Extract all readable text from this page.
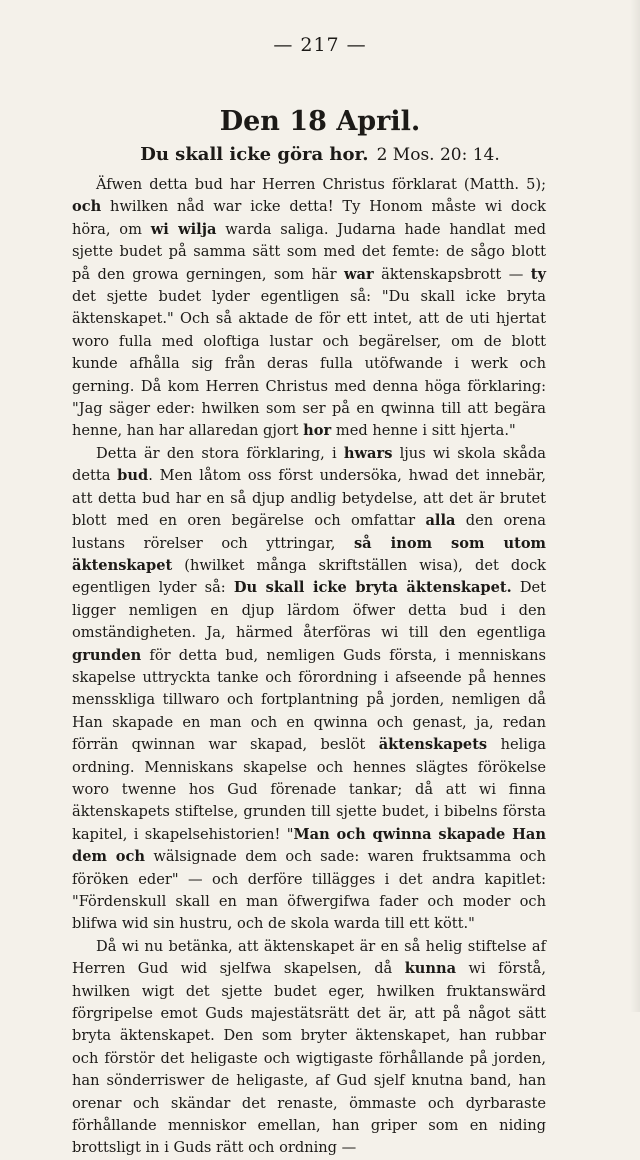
— 217 —
Den 18 April.
Du skall icke göra hor. 2 Mos. 20: 14.

Äfwen detta bud har Herren Christus förklarat (Matth. 5); och hwilken nåd war icke detta! Ty Honom måste wi dock höra, om wi wilja warda saliga. Judarna hade handlat med sjette budet på samma sätt som med det femte: de sågo blott på den growa gerningen, som här war äktenskapsbrott — ty det sjette budet lyder egentligen så: "Du skall icke bryta äktenskapet." Och så aktade de för ett intet, att de uti hjertat woro fulla med oloftiga lustar och begärelser, om de blott kunde afhålla sig från deras fulla utöfwande i werk och gerning. Då kom Herren Christus med denna höga förklaring: "Jag säger eder: hwilken som ser på en qwinna till att begära henne, han har allaredan gjort hor med henne i sitt hjerta."

Detta är den stora förklaring, i hwars ljus wi skola skåda detta bud. Men låtom oss först undersöka, hwad det innebär, att detta bud har en så djup andlig betydelse, att det är brutet blott med en oren begärelse och omfattar alla den orena lustans rörelser och yttringar, så inom som utom äktenskapet (hwilket många skriftställen wisa), det dock egentligen lyder så: Du skall icke bryta äktenskapet. Det ligger nemligen en djup lärdom öfwer detta bud i den omständigheten. Ja, härmed återföras wi till den egentliga grunden för detta bud, nemligen Guds första, i menniskans skapelse uttryckta tanke och förordning i afseende på hennes mensskliga tillwaro och fortplantning på jorden, nemligen då Han skapade en man och en qwinna och genast, ja, redan förrän qwinnan war skapad, beslöt äktenskapets heliga ordning. Menniskans skapelse och hennes slägtes förökelse woro twenne hos Gud förenade tankar; då att wi finna äktenskapets stiftelse, grunden till sjette budet, i bibelns första kapitel, i skapelsehistorien! "Man och qwinna skapade Han dem och wälsignade dem och sade: waren fruktsamma och föröken eder" — och derföre tillägges i det andra kapitlet: "Fördenskull skall en man öfwergifwa fader och moder och blifwa wid sin hustru, och de skola warda till ett kött."

Då wi nu betänka, att äktenskapet är en så helig stiftelse af Herren Gud wid sjelfwa skapelsen, då kunna wi förstå, hwilken wigt det sjette budet eger, hwilken fruktanswärd förgripelse emot Guds majestätsrätt det är, att på något sätt bryta äktenskapet. Den som bryter äktenskapet, han rubbar och förstör det heligaste och wigtigaste förhållande på jorden, han sönderriswer de heligaste, af Gud sjelf knutna band, han orenar och skändar det renaste, ömmaste och dyrbaraste förhållande menniskor emellan, han griper som en niding brottsligt in i Guds rätt och ordning —
